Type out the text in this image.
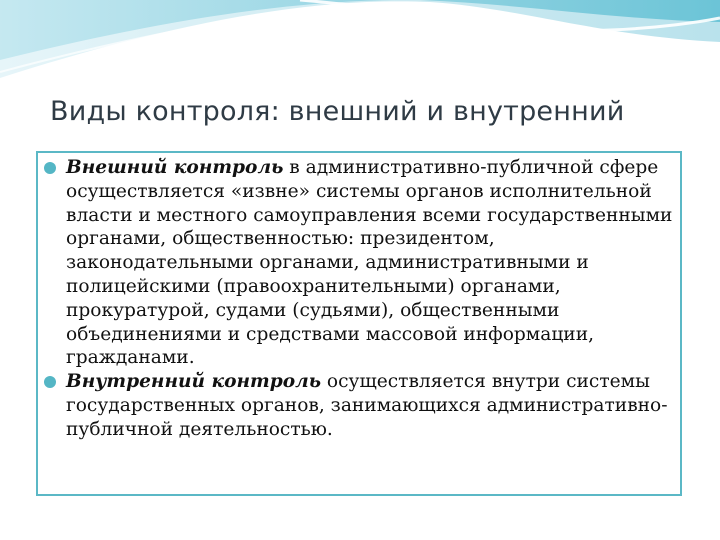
Виды контроля: внешний и внутренний
Внешний контроль в административно-публичной сфере осуществляется «извне» системы органов исполнительной власти и местного самоуправления всеми государственными органами, общественностью: президентом, законодательными органами, административными и полицейскими (правоохранительными) органами, прокуратурой, судами (судьями), общественными объединениями и средствами массовой информации, гражданами.
Внутренний контроль осуществляется внутри системы государственных органов, занимающихся административно-публичной деятельностью.
